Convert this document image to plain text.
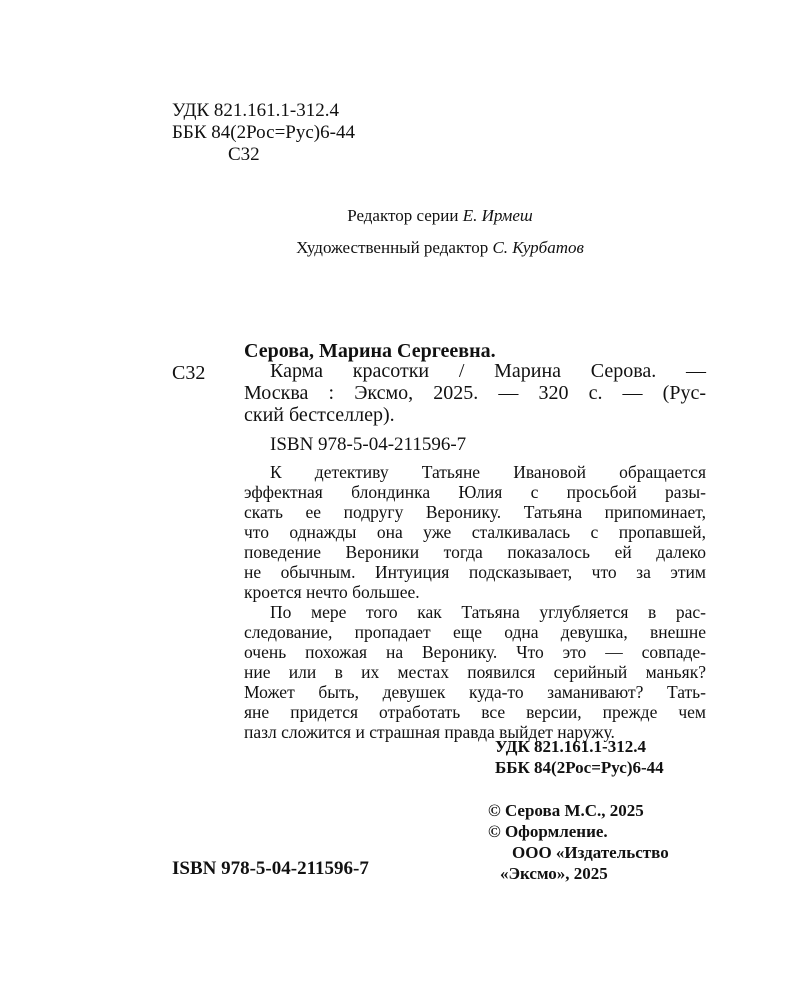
УДК 821.161.1-312.4
ББК 84(2Рос=Рус)6-44
С32
Редактор серии Е. Ирмеш
Художественный редактор С. Курбатов
Серова, Марина Сергеевна.
С32	Карма красотки / Марина Серова. —
Москва : Эксмо, 2025. — 320 с. — (Рус-
ский бестселлер).
ISBN 978-5-04-211596-7
К детективу Татьяне Ивановой обращается
эффектная блондинка Юлия с просьбой разы-
скать ее подругу Веронику. Татьяна припоминает,
что однажды она уже сталкивалась с пропавшей,
поведение Вероники тогда показалось ей далеко
не обычным. Интуиция подсказывает, что за этим
кроется нечто большее.
По мере того как Татьяна углубляется в рас-
следование, пропадает еще одна девушка, внешне
очень похожая на Веронику. Что это — совпаде-
ние или в их местах появился серийный маньяк?
Может быть, девушек куда-то заманивают? Тать-
яне придется отработать все версии, прежде чем
пазл сложится и страшная правда выйдет наружу.
УДК 821.161.1-312.4
ББК 84(2Рос=Рус)6-44
© Серова М.С., 2025
© Оформление.
ООО «Издательство
«Эксмо», 2025
ISBN 978-5-04-211596-7
